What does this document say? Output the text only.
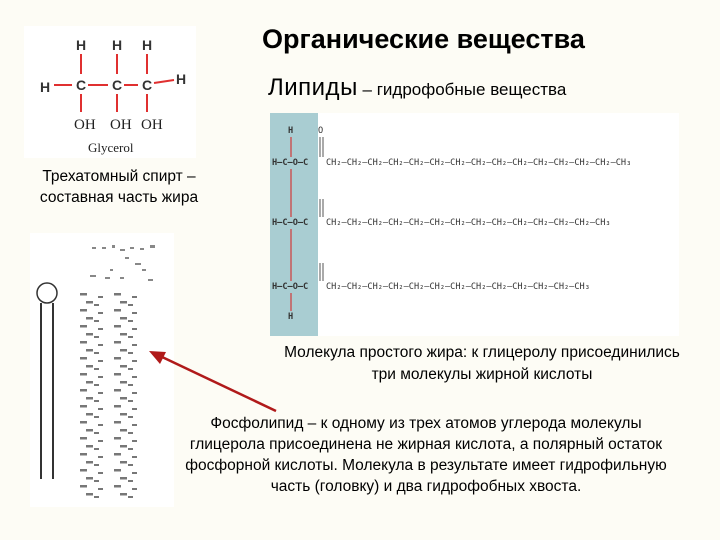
Органические вещества
Липиды – гидрофобные вещества
H H H
H C C C H
OH OH OH
Glycerol
Трехатомный спирт – составная часть жира
H	O
H–C–O–C CH₂–CH₂–CH₂–CH₂–CH₂–CH₂–CH₂–CH₂–CH₂–CH₂–CH₂–CH₂–CH₂–CH₂–CH₃
H–C–O–C CH₂–CH₂–CH₂–CH₂–CH₂–CH₂–CH₂–CH₂–CH₂–CH₂–CH₂–CH₂–CH₂–CH₃
H–C–O–C CH₂–CH₂–CH₂–CH₂–CH₂–CH₂–CH₂–CH₂–CH₂–CH₂–CH₂–CH₂–CH₃
H
Молекула простого жира: к глицеролу присоединились три молекулы жирной кислоты
Фосфолипид – к одному из трех атомов углерода молекулы глицерола присоединена не жирная кислота, а полярный остаток фосфорной кислоты. Молекула в результате имеет гидрофильную часть (головку) и два гидрофобных хвоста.
